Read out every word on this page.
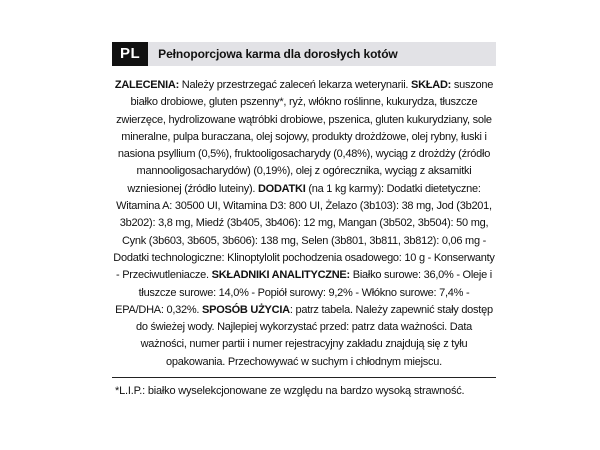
PL	Pełnoporcjowa karma dla dorosłych kotów
ZALECENIA: Należy przestrzegać zaleceń lekarza weterynarii. SKŁAD: suszone białko drobiowe, gluten pszenny*, ryż, włókno roślinne, kukurydza, tłuszcze zwierzęce, hydrolizowane wątróbki drobiowe, pszenica, gluten kukurydziany, sole mineralne, pulpa buraczana, olej sojowy, produkty drożdżowe, olej rybny, łuski i nasiona psyllium (0,5%), fruktooligosacharydy (0,48%), wyciąg z drożdży (źródło mannooligosacharydów) (0,19%), olej z ogórecznika, wyciąg z aksamitki wzniesionej (źródło luteiny). DODATKI (na 1 kg karmy): Dodatki dietetyczne: Witamina A: 30500 UI, Witamina D3: 800 UI, Żelazo (3b103): 38 mg, Jod (3b201, 3b202): 3,8 mg, Miedź (3b405, 3b406): 12 mg, Mangan (3b502, 3b504): 50 mg, Cynk (3b603, 3b605, 3b606): 138 mg, Selen (3b801, 3b811, 3b812): 0,06 mg - Dodatki technologiczne: Klinoptylolit pochodzenia osadowego: 10 g - Konserwanty - Przeciwutleniacze. SKŁADNIKI ANALITYCZNE: Białko surowe: 36,0% - Oleje i tłuszcze surowe: 14,0% - Popiół surowy: 9,2% - Włókno surowe: 7,4% - EPA/DHA: 0,32%. SPOSÓB UŻYCIA: patrz tabela. Należy zapewnić stały dostęp do świeżej wody. Najlepiej wykorzystać przed: patrz data ważności. Data ważności, numer partii i numer rejestracyjny zakładu znajdują się z tyłu opakowania. Przechowywać w suchym i chłodnym miejscu.
*L.I.P.: białko wyselekcjonowane ze względu na bardzo wysoką strawność.
